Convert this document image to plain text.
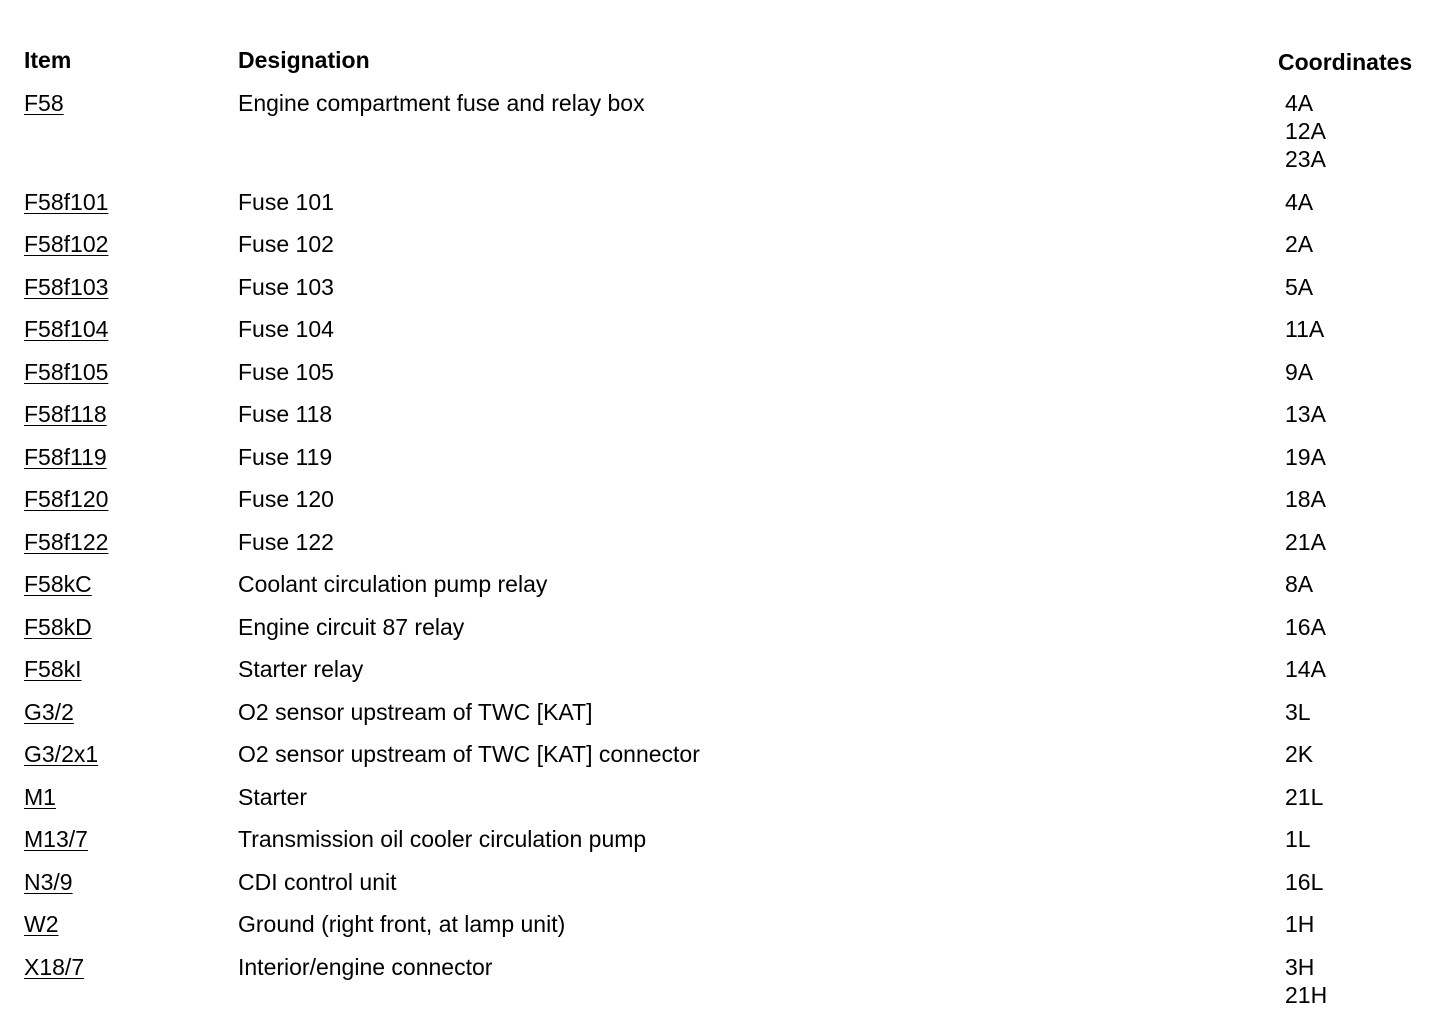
Item	Designation	Coordinates
F58	Engine compartment fuse and relay box	4A
12A
23A
F58f101	Fuse 101	4A
F58f102	Fuse 102	2A
F58f103	Fuse 103	5A
F58f104	Fuse 104	11A
F58f105	Fuse 105	9A
F58f118	Fuse 118	13A
F58f119	Fuse 119	19A
F58f120	Fuse 120	18A
F58f122	Fuse 122	21A
F58kC	Coolant circulation pump relay	8A
F58kD	Engine circuit 87 relay	16A
F58kI	Starter relay	14A
G3/2	O2 sensor upstream of TWC [KAT]	3L
G3/2x1	O2 sensor upstream of TWC [KAT] connector	2K
M1	Starter	21L
M13/7	Transmission oil cooler circulation pump	1L
N3/9	CDI control unit	16L
W2	Ground (right front, at lamp unit)	1H
X18/7	Interior/engine connector	3H
21H
